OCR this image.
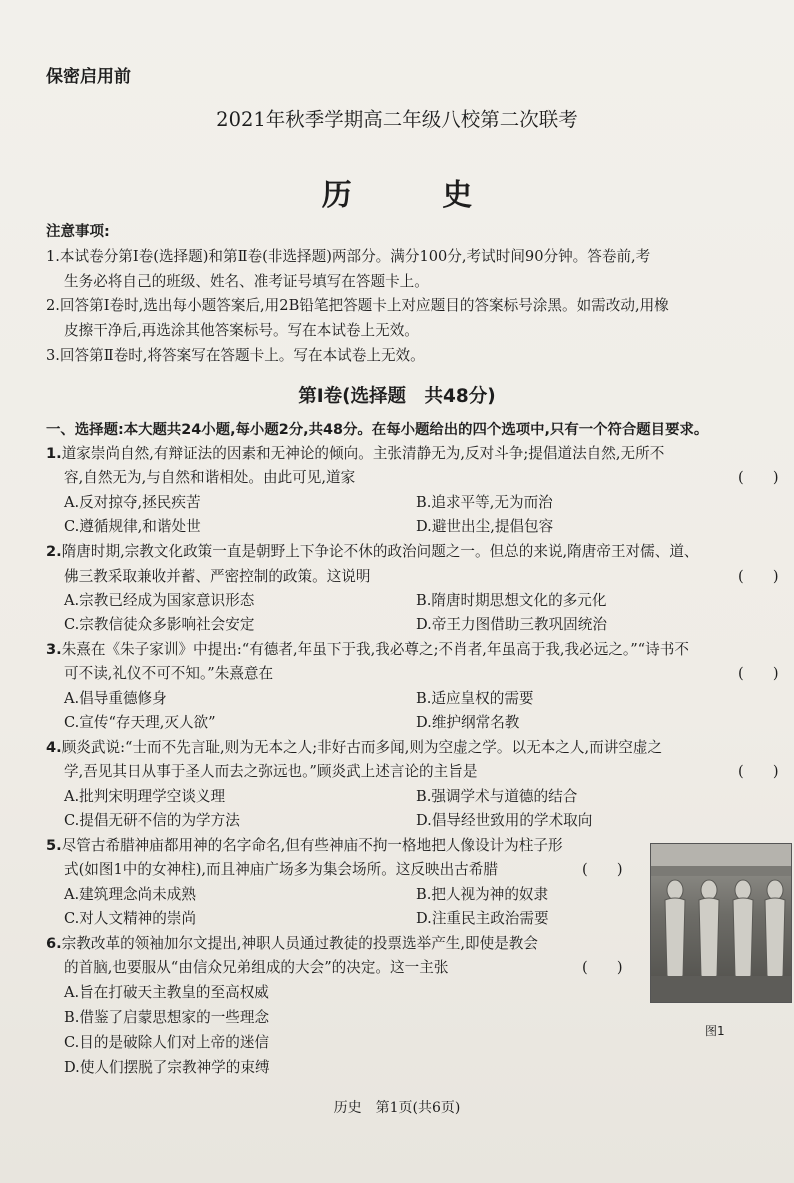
保密启用前
2021年秋季学期高二年级八校第二次联考
历 史
注意事项:
1.本试卷分第Ⅰ卷(选择题)和第Ⅱ卷(非选择题)两部分。满分100分,考试时间90分钟。答卷前,考
生务必将自己的班级、姓名、准考证号填写在答题卡上。
2.回答第Ⅰ卷时,选出每小题答案后,用2B铅笔把答题卡上对应题目的答案标号涂黑。如需改动,用橡
皮擦干净后,再选涂其他答案标号。写在本试卷上无效。
3.回答第Ⅱ卷时,将答案写在答题卡上。写在本试卷上无效。
第Ⅰ卷(选择题　共48分)
一、选择题:本大题共24小题,每小题2分,共48分。在每小题给出的四个选项中,只有一个符合题目要求。
1.道家崇尚自然,有辩证法的因素和无神论的倾向。主张清静无为,反对斗争;提倡道法自然,无所不
容,自然无为,与自然和谐相处。由此可见,道家	(　　)
A.反对掠夺,拯民疾苦	B.追求平等,无为而治
C.遵循规律,和谐处世	D.避世出尘,提倡包容
2.隋唐时期,宗教文化政策一直是朝野上下争论不休的政治问题之一。但总的来说,隋唐帝王对儒、道、
佛三教采取兼收并蓄、严密控制的政策。这说明	(　　)
A.宗教已经成为国家意识形态	B.隋唐时期思想文化的多元化
C.宗教信徒众多影响社会安定	D.帝王力图借助三教巩固统治
3.朱熹在《朱子家训》中提出:“有德者,年虽下于我,我必尊之;不肖者,年虽高于我,我必远之。”“诗书不
可不读,礼仪不可不知。”朱熹意在	(　　)
A.倡导重德修身	B.适应皇权的需要
C.宣传“存天理,灭人欲”	D.维护纲常名教
4.顾炎武说:“士而不先言耻,则为无本之人;非好古而多闻,则为空虚之学。以无本之人,而讲空虚之
学,吾见其日从事于圣人而去之弥远也。”顾炎武上述言论的主旨是	(　　)
A.批判宋明理学空谈义理	B.强调学术与道德的结合
C.提倡无研不信的为学方法	D.倡导经世致用的学术取向
5.尽管古希腊神庙都用神的名字命名,但有些神庙不拘一格地把人像设计为柱子形
式(如图1中的女神柱),而且神庙广场多为集会场所。这反映出古希腊	(　　)
A.建筑理念尚未成熟	B.把人视为神的奴隶
C.对人文精神的崇尚	D.注重民主政治需要
6.宗教改革的领袖加尔文提出,神职人员通过教徒的投票选举产生,即使是教会
的首脑,也要服从“由信众兄弟组成的大会”的决定。这一主张	(　　)
A.旨在打破天主教皇的至高权威
B.借鉴了启蒙思想家的一些理念
C.目的是破除人们对上帝的迷信
D.使人们摆脱了宗教神学的束缚
图1
历史　第1页(共6页)
